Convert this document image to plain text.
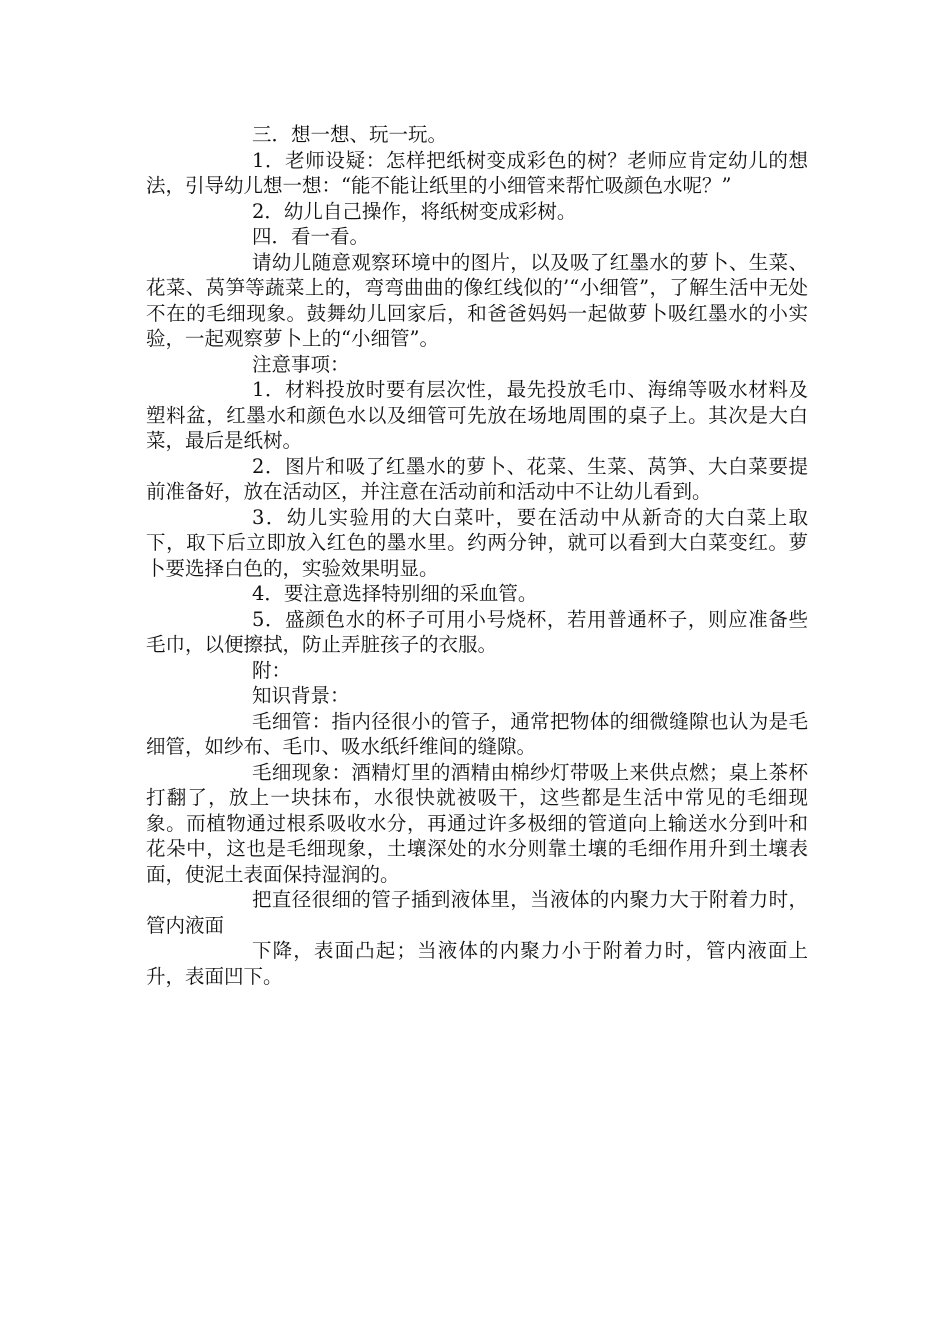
三．想一想、玩一玩。

1．老师设疑：怎样把纸树变成彩色的树？老师应肯定幼儿的想法，引导幼儿想一想：“能不能让纸里的小细管来帮忙吸颜色水呢？”

2．幼儿自己操作，将纸树变成彩树。

四．看一看。

请幼儿随意观察环境中的图片，以及吸了红墨水的萝卜、生菜、花菜、莴笋等蔬菜上的，弯弯曲曲的像红线似的’“小细管”，了解生活中无处不在的毛细现象。鼓舞幼儿回家后，和爸爸妈妈一起做萝卜吸红墨水的小实验，一起观察萝卜上的“小细管”。

注意事项：

1．材料投放时要有层次性，最先投放毛巾、海绵等吸水材料及塑料盆，红墨水和颜色水以及细管可先放在场地周围的桌子上。其次是大白菜，最后是纸树。

2．图片和吸了红墨水的萝卜、花菜、生菜、莴笋、大白菜要提前准备好，放在活动区，并注意在活动前和活动中不让幼儿看到。

3．幼儿实验用的大白菜叶，要在活动中从新奇的大白菜上取下，取下后立即放入红色的墨水里。约两分钟，就可以看到大白菜变红。萝卜要选择白色的，实验效果明显。

4．要注意选择特别细的采血管。

5．盛颜色水的杯子可用小号烧杯，若用普通杯子，则应准备些毛巾，以便擦拭，防止弄脏孩子的衣服。

附：

知识背景：

毛细管：指内径很小的管子，通常把物体的细微缝隙也认为是毛细管，如纱布、毛巾、吸水纸纤维间的缝隙。

毛细现象：酒精灯里的酒精由棉纱灯带吸上来供点燃；桌上茶杯打翻了，放上一块抹布，水很快就被吸干，这些都是生活中常见的毛细现象。而植物通过根系吸收水分，再通过许多极细的管道向上输送水分到叶和花朵中，这也是毛细现象，土壤深处的水分则靠土壤的毛细作用升到土壤表面，使泥土表面保持湿润的。

把直径很细的管子插到液体里，当液体的内聚力大于附着力时，管内液面

下降，表面凸起；当液体的内聚力小于附着力时，管内液面上升，表面凹下。
